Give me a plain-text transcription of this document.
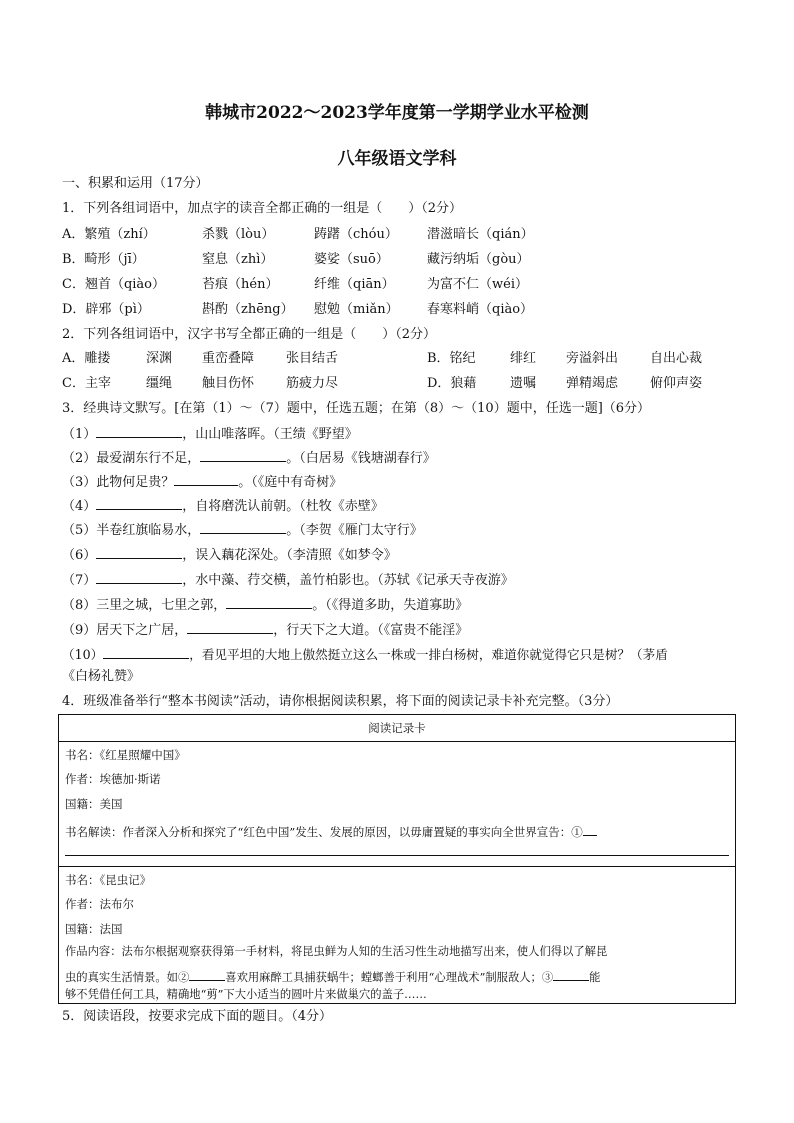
韩城市2022～2023学年度第一学期学业水平检测
八年级语文学科
一、积累和运用（17分）
1．下列各组词语中，加点字的读音全都正确的一组是（　　）（2分）
A．繁殖（zhí）	杀戮（lòu）	踌躇（chóu） 潜滋暗长（qián）
B．畸形（jī）	窒息（zhì）	婆娑（suō）	藏污纳垢（gòu）
C．翘首（qiào）	苔痕（hén）	纤维（qiān） 为富不仁（wéi）
D．辟邪（pì）	斟酌（zhēng） 慰勉（miǎn） 春寒料峭（qiào）
2．下列各组词语中，汉字书写全都正确的一组是（　　）（2分）
A．雕搂	深渊 重峦叠障 张目结舌	B．铭纪	绯红 旁溢斜出 自出心裁
C．主宰	缰绳 触目伤怀 筋疲力尽	D．狼藉	遗嘱 弹精竭虑 俯仰声姿
3．经典诗文默写。[在第（1）～（7）题中，任选五题；在第（8）～（10）题中，任选一题]（6分）
（1）	，山山唯落晖。（王绩《野望》
（2）最爱湖东行不足，	。（白居易《钱塘湖春行》
（3）此物何足贵？	。（《庭中有奇树》
（4）	，自将磨洗认前朝。（杜牧《赤壁》
（5）半卷红旗临易水，	。（李贺《雁门太守行》
（6）	，误入藕花深处。（李清照《如梦令》
（7）	，水中藻、荇交横，盖竹柏影也。（苏轼《记承天寺夜游》
（8）三里之城，七里之郭，	。（《得道多助，失道寡助》
（9）居天下之广居，	，行天下之大道。（《富贵不能淫》
（10）	，看见平坦的大地上傲然挺立这么一株或一排白杨树，难道你就觉得它只是树？（茅盾
《白杨礼赞》
4．班级准备举行“整本书阅读”活动，请你根据阅读积累，将下面的阅读记录卡补充完整。（3分）
阅读记录卡
书名：《红星照耀中国》
作者：埃德加·斯诺
国籍：美国
书名解读：作者深入分析和探究了“红色中国”发生、发展的原因，以毋庸置疑的事实向全世界宣告：①
书名：《昆虫记》
作者：法布尔
国籍：法国
作品内容：法布尔根据观察获得第一手材料，将昆虫鲜为人知的生活习性生动地描写出来，使人们得以了解昆
虫的真实生活情景。如②	喜欢用麻醉工具捕获蜗牛；螳螂善于利用“心理战术”制服敌人；③	能
够不凭借任何工具，精确地“剪”下大小适当的圆叶片来做巢穴的盖子……
5．阅读语段，按要求完成下面的题目。（4分）
